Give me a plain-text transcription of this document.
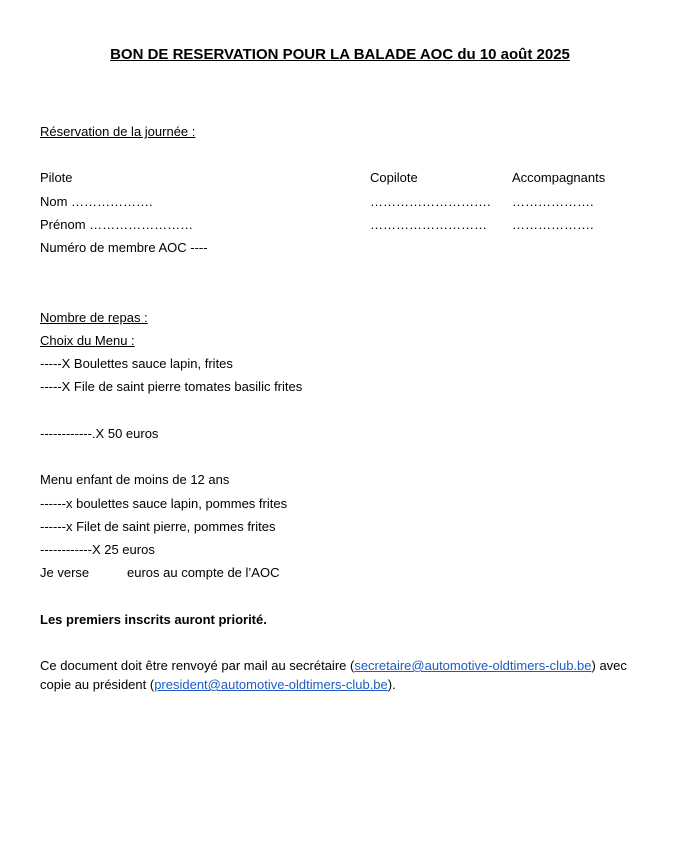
BON DE RESERVATION POUR LA BALADE AOC du 10 août 2025
Réservation de la journée :
Pilote	Copilote	Accompagnants
Nom ……………….	………………………. ……………….
Prénom ……………………	……………………… ……………….
Numéro de membre AOC ----
Nombre de repas :
Choix du Menu :
-----X Boulettes sauce lapin, frites
-----X File de saint pierre tomates basilic frites
------------.X 50 euros
Menu enfant de moins de 12 ans
------x boulettes sauce lapin, pommes frites
------x Filet de saint pierre, pommes frites
------------X 25 euros
Je verse	euros au compte de l’AOC
Les premiers inscrits auront priorité.
Ce document doit être renvoyé par mail au secrétaire (secretaire@automotive-oldtimers-club.be) avec
copie au président (president@automotive-oldtimers-club.be).
